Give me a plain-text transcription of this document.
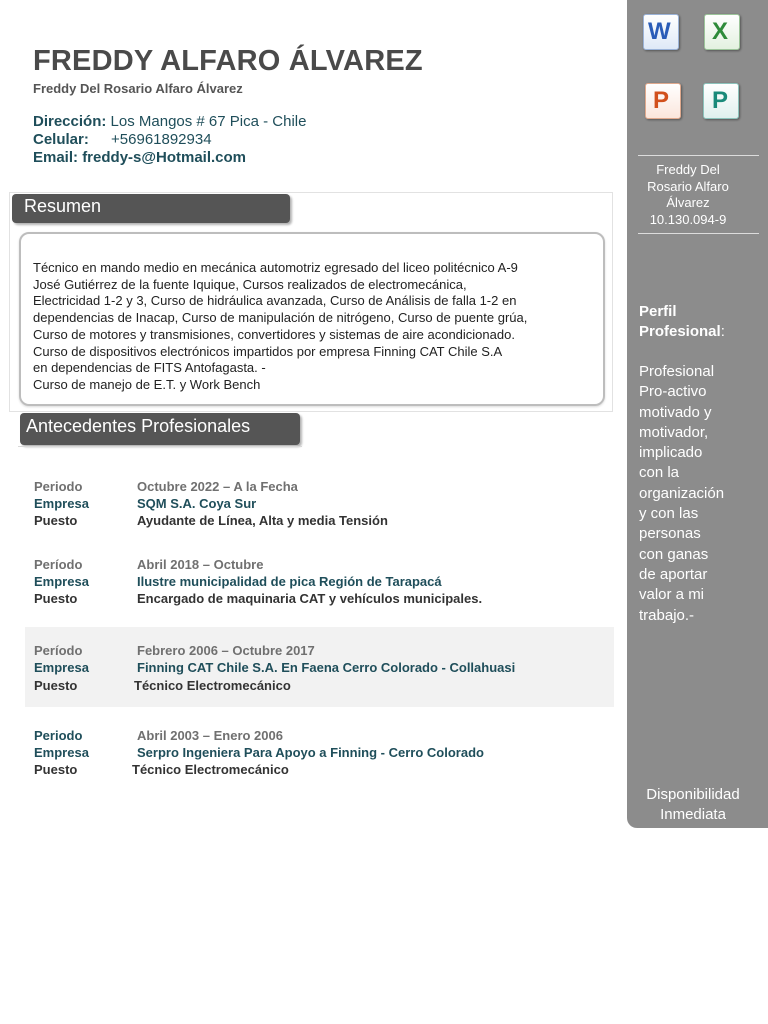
FREDDY ALFARO ÁLVAREZ
Freddy Del Rosario Alfaro Álvarez
Dirección: Los Mangos # 67 Pica - Chile
Celular: +56961892934
Email: freddy-s@Hotmail.com
Resumen
Técnico en mando medio en mecánica automotriz egresado del liceo politécnico A-9
José Gutiérrez de la fuente Iquique, Cursos realizados de electromecánica,
Electricidad 1-2 y 3, Curso de hidráulica avanzada, Curso de Análisis de falla 1-2 en
dependencias de Inacap, Curso de manipulación de nitrógeno, Curso de puente grúa,
Curso de motores y transmisiones, convertidores y sistemas de aire acondicionado.
Curso de dispositivos electrónicos impartidos por empresa Finning CAT Chile S.A
en dependencias de FITS Antofagasta. -
Curso de manejo de E.T. y Work Bench
Antecedentes Profesionales
Periodo	Octubre 2022 – A la Fecha
Empresa	SQM S.A. Coya Sur
Puesto	Ayudante de Línea, Alta y media Tensión
Período	Abril 2018 – Octubre
Empresa	Ilustre municipalidad de pica Región de Tarapacá
Puesto	Encargado de maquinaria CAT y vehículos municipales.
Período	Febrero 2006 – Octubre 2017
Empresa	Finning CAT Chile S.A. En Faena Cerro Colorado - Collahuasi
Puesto	Técnico Electromecánico
Periodo	Abril 2003 – Enero 2006
Empresa	Serpro Ingeniera Para Apoyo a Finning - Cerro Colorado
Puesto	Técnico Electromecánico
W X
P P
Freddy Del
Rosario Alfaro
Álvarez
10.130.094-9
Perfil
Profesional:
Profesional
Pro-activo
motivado y
motivador,
implicado
con la
organización
y con las
personas
con ganas
de aportar
valor a mi
trabajo.-
Disponibilidad
Inmediata
